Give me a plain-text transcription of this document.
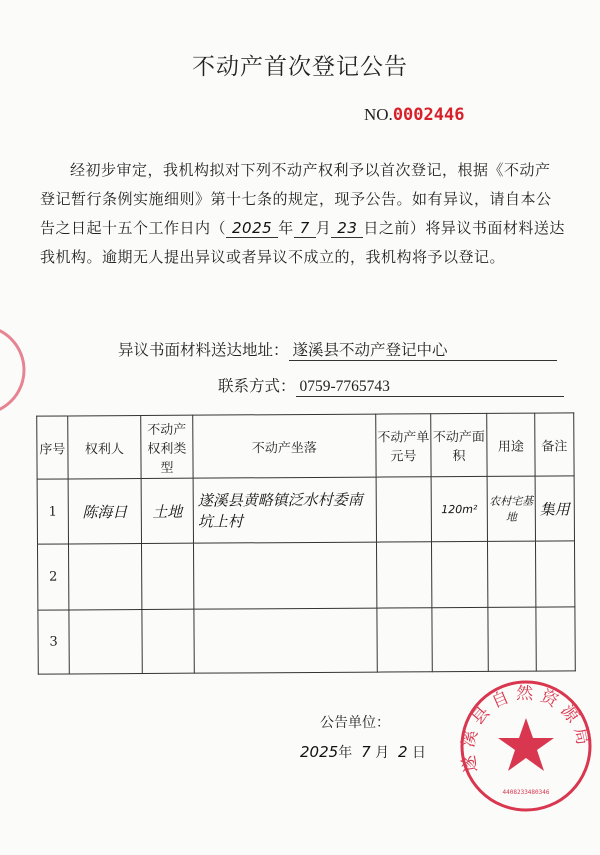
不动产首次登记公告
NO.0002446
经初步审定，我机构拟对下列不动产权利予以首次登记，根据《不动产登记暂行条例实施细则》第十七条的规定，现予公告。如有异议，请自本公告之日起十五个工作日内（ 2025 年 7 月 23 日之前）将异议书面材料送达我机构。逾期无人提出异议或者异议不成立的，我机构将予以登记。
异议书面材料送达地址： 遂溪县不动产登记中心
联系方式： 0759-7765743
序号	权利人	不动产权利类型	不动产坐落	不动产单元号	不动产面　积	用途	备注
1	陈海日	土地	遂溪县黄略镇泛水村委南坑上村		120m²	农村宅基地	集用
2							
3							
公告单位：
2025年 7 月 2 日 遂溪县自然资源局
4408233480346
